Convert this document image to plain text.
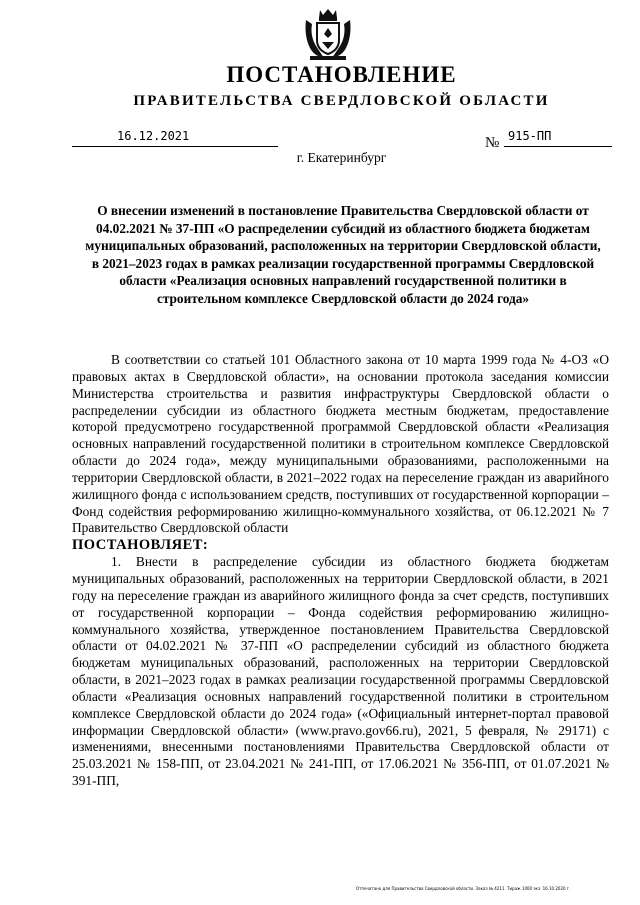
ПОСТАНОВЛЕНИЕ
ПРАВИТЕЛЬСТВА СВЕРДЛОВСКОЙ ОБЛАСТИ
16.12.2021	№ 915-ПП
г. Екатеринбург
О внесении изменений в постановление Правительства Свердловской области от 04.02.2021 № 37-ПП «О распределении субсидий из областного бюджета бюджетам муниципальных образований, расположенных на территории Свердловской области, в 2021–2023 годах в рамках реализации государственной программы Свердловской области «Реализация основных направлений государственной политики в строительном комплексе Свердловской области до 2024 года»

В соответствии со статьей 101 Областного закона от 10 марта 1999 года № 4-ОЗ «О правовых актах в Свердловской области», на основании протокола заседания комиссии Министерства строительства и развития инфраструктуры Свердловской области о распределении субсидии из областного бюджета местным бюджетам, предоставление которой предусмотрено государственной программой Свердловской области «Реализация основных направлений государственной политики в строительном комплексе Свердловской области до 2024 года», между муниципальными образованиями, расположенными на территории Свердловской области, в 2021–2022 годах на переселение граждан из аварийного жилищного фонда с использованием средств, поступивших от государственной корпорации – Фонд содействия реформированию жилищно-коммунального хозяйства, от 06.12.2021 № 7 Правительство Свердловской области

ПОСТАНОВЛЯЕТ:

1. Внести в распределение субсидии из областного бюджета бюджетам муниципальных образований, расположенных на территории Свердловской области, в 2021 году на переселение граждан из аварийного жилищного фонда за счет средств, поступивших от государственной корпорации – Фонда содействия реформированию жилищно-коммунального хозяйства, утвержденное постановлением Правительства Свердловской области от 04.02.2021 № 37-ПП «О распределении субсидий из областного бюджета бюджетам муниципальных образований, расположенных на территории Свердловской области, в 2021–2023 годах в рамках реализации государственной программы Свердловской области «Реализация основных направлений государственной политики в строительном комплексе Свердловской области до 2024 года» («Официальный интернет-портал правовой информации Свердловской области» (www.pravo.gov66.ru), 2021, 5 февраля, № 29171) с изменениями, внесенными постановлениями Правительства Свердловской области от 25.03.2021 № 158-ПП, от 23.04.2021 № 241-ПП, от 17.06.2021 № 356-ПП, от 01.07.2021 № 391-ПП,

Отпечатано для Правительства Свердловской области. Заказ № 4211. Тираж 1000 экз. 16.10.2020 г.
